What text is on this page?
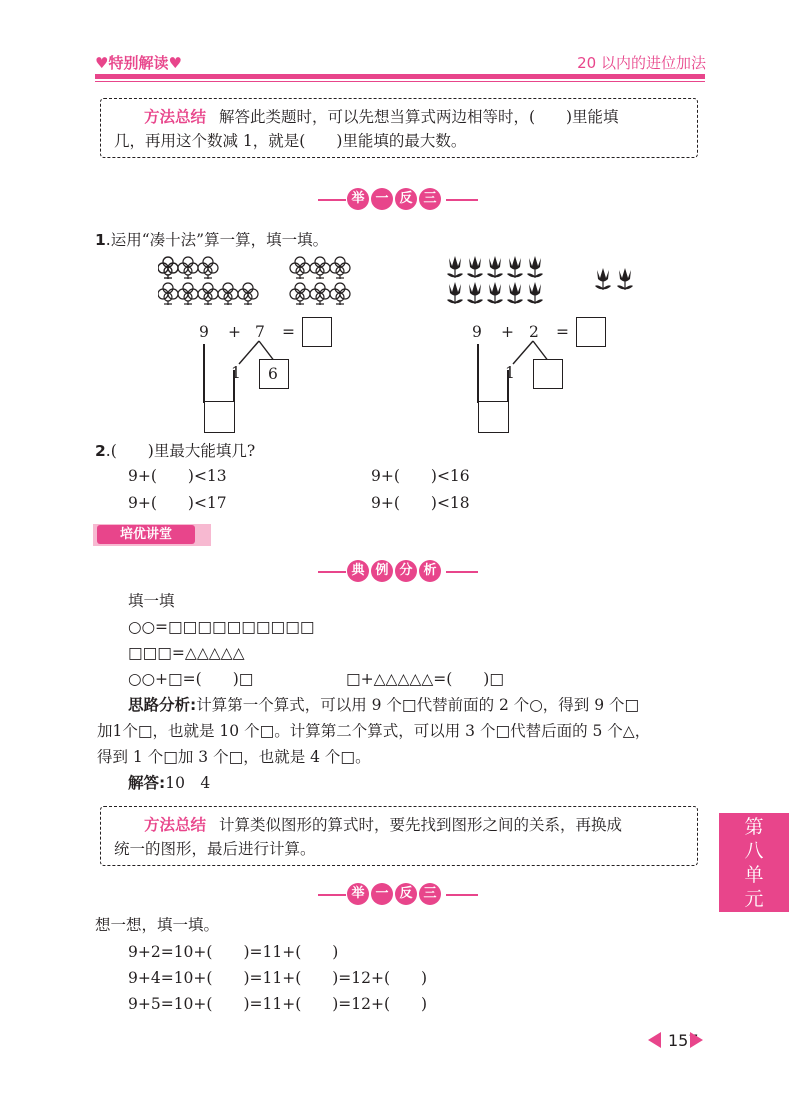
♥特别解读♥	20 以内的进位加法
方法总结 解答此类题时，可以先想当算式两边相等时，(　　)里能填
几，再用这个数减 1，就是(　　)里能填的最大数。
举 一 反 三
1.运用“凑十法”算一算，填一填。
9 + 7 =
1 6
9 + 2 =
1
2.(　　)里最大能填几?
9+(　　)<13	9+(　　)<16
9+(　　)<17	9+(　　)<18
培优讲堂
典 例 分 析
填一填
○○=□□□□□□□□□□
□□□=△△△△△
○○+□=(　　)□	□+△△△△△=(　　)□
思路分析:计算第一个算式，可以用 9 个□代替前面的 2 个○，得到 9 个□
加1个□，也就是 10 个□。计算第二个算式，可以用 3 个□代替后面的 5 个△，
得到 1 个□加 3 个□，也就是 4 个□。
解答:10　4
方法总结 计算类似图形的算式时，要先找到图形之间的关系，再换成
统一的图形，最后进行计算。
举 一 反 三
想一想，填一填。
9+2=10+(　　)=11+(　　)
9+4=10+(　　)=11+(　　)=12+(　　)
9+5=10+(　　)=11+(　　)=12+(　　)
第
八
单
元
157
